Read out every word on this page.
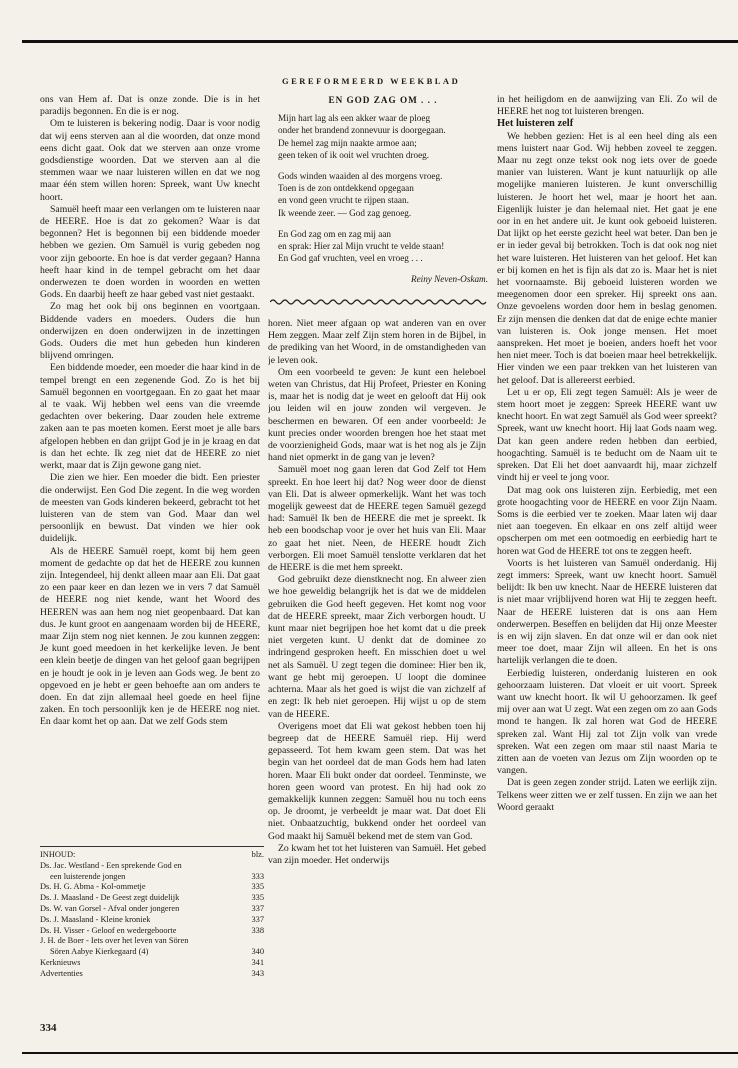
GEREFORMEERD WEEKBLAD

ons van Hem af. Dat is onze zonde. Die is in het paradijs begonnen. En die is er nog.

Om te luisteren is bekering nodig. Daar is voor nodig dat wij eens sterven aan al die woorden, dat onze mond eens dicht gaat. Ook dat we sterven aan onze vrome godsdienstige woorden. Dat we sterven aan al die stemmen waar we naar luisteren willen en dat we nog maar één stem willen horen: Spreek, want Uw knecht hoort.

Samuël heeft maar een verlangen om te luisteren naar de HEERE. Hoe is dat zo gekomen? Waar is dat begonnen? Het is begonnen bij een biddende moeder hebben we gezien. Om Samuël is vurig gebeden nog voor zijn geboorte. En hoe is dat verder gegaan? Hanna heeft haar kind in de tempel gebracht om het daar onderwezen te doen worden in woorden en wetten Gods. En daarbij heeft ze haar gebed vast niet gestaakt.

Zo mag het ook bij ons beginnen en voortgaan. Biddende vaders en moeders. Ouders die hun onderwijzen en doen onderwijzen in de inzettingen Gods. Ouders die met hun gebeden hun kinderen blijvend omringen.

Een biddende moeder, een moeder die haar kind in de tempel brengt en een zegenende God. Zo is het bij Samuël begonnen en voortgegaan. En zo gaat het maar al te vaak. Wij hebben wel eens van die vreemde gedachten over bekering. Daar zouden hele extreme zaken aan te pas moeten komen. Eerst moet je alle bars afgelopen hebben en dan grijpt God je in je kraag en dat is dan het echte. Ik zeg niet dat de HEERE zo niet werkt, maar dat is Zijn gewone gang niet.

Die zien we hier. Een moeder die bidt. Een priester die onderwijst. Een God Die zegent. In die weg worden de meesten van Gods kinderen bekeerd, gebracht tot het luisteren van de stem van God. Maar dan wel persoonlijk en bewust. Dat vinden we hier ook duidelijk.

Als de HEERE Samuël roept, komt bij hem geen moment de gedachte op dat het de HEERE zou kunnen zijn. Integendeel, hij denkt alleen maar aan Eli. Dat gaat zo een paar keer en dan lezen we in vers 7 dat Samuël de HEERE nog niet kende, want het Woord des HEEREN was aan hem nog niet geopenbaard. Dat kan dus. Je kunt groot en aangenaam worden bij de HEERE, maar Zijn stem nog niet kennen. Je zou kunnen zeggen: Je kunt goed meedoen in het kerkelijke leven. Je bent een klein beetje de dingen van het geloof gaan begrijpen en je houdt je ook in je leven aan Gods weg. Je bent zo opgevoed en je hebt er geen behoefte aan om anders te doen. En dat zijn allemaal heel goede en heel fijne zaken. En toch persoonlijk ken je de HEERE nog niet. En daar komt het op aan. Dat we zelf Gods stem

EN GOD ZAG OM . . .
Mijn hart lag als een akker waar de ploeg
onder het brandend zonnevuur is doorgegaan.
De hemel zag mijn naakte armoe aan;
geen teken of ik ooit wel vruchten droeg.
Gods winden waaiden al des morgens vroeg.
Toen is de zon ontdekkend opgegaan
en vond geen vrucht te rijpen staan.
Ik weende zeer. — God zag genoeg.
En God zag om en zag mij aan
en sprak: Hier zal Mijn vrucht te velde staan!
En God gaf vruchten, veel en vroeg . . .
Reiny Neven-Oskam.

horen. Niet meer afgaan op wat anderen van en over Hem zeggen. Maar zelf Zijn stem horen in de Bijbel, in de prediking van het Woord, in de omstandigheden van je leven ook.

Om een voorbeeld te geven: Je kunt een heleboel weten van Christus, dat Hij Profeet, Priester en Koning is, maar het is nodig dat je weet en gelooft dat Hij ook jou leiden wil en jouw zonden wil vergeven. Je beschermen en bewaren. Of een ander voorbeeld: Je kunt precies onder woorden brengen hoe het staat met de voorzienigheid Gods, maar wat is het nog als je Zijn hand niet opmerkt in de gang van je leven?

Samuël moet nog gaan leren dat God Zelf tot Hem spreekt. En hoe leert hij dat? Nog weer door de dienst van Eli. Dat is alweer opmerkelijk. Want het was toch mogelijk geweest dat de HEERE tegen Samuël gezegd had: Samuël Ik ben de HEERE die met je spreekt. Ik heb een boodschap voor je over het huis van Eli. Maar zo gaat het niet. Neen, de HEERE houdt Zich verborgen. Eli moet Samuël tenslotte verklaren dat het de HEERE is die met hem spreekt.

God gebruikt deze dienstknecht nog. En alweer zien we hoe geweldig belangrijk het is dat we de middelen gebruiken die God heeft gegeven. Het komt nog voor dat de HEERE spreekt, maar Zich verborgen houdt. U kunt maar niet begrijpen hoe het komt dat u die preek niet vergeten kunt. U denkt dat de dominee zo indringend gesproken heeft. En misschien doet u wel net als Samuël. U zegt tegen die dominee: Hier ben ik, want ge hebt mij geroepen. U loopt die dominee achterna. Maar als het goed is wijst die van zichzelf af en zegt: Ik heb niet geroepen. Hij wijst u op de stem van de HEERE.

Overigens moet dat Eli wat gekost hebben toen hij begreep dat de HEERE Samuël riep. Hij werd gepasseerd. Tot hem kwam geen stem. Dat was het begin van het oordeel dat de man Gods hem had laten horen. Maar Eli bukt onder dat oordeel. Tenminste, we horen geen woord van protest. En hij had ook zo gemakkelijk kunnen zeggen: Samuël hou nu toch eens op. Je droomt, je verbeeldt je maar wat. Dat doet Eli niet. Onbaatzuchtig, bukkend onder het oordeel van God maakt hij Samuël bekend met de stem van God.

Zo kwam het tot het luisteren van Samuël. Het gebed van zijn moeder. Het onderwijs

in het heiligdom en de aanwijzing van Eli. Zo wil de HEERE het nog tot luisteren brengen.

Het luisteren zelf

We hebben gezien: Het is al een heel ding als een mens luistert naar God. Wij hebben zoveel te zeggen. Maar nu zegt onze tekst ook nog iets over de goede manier van luisteren. Want je kunt natuurlijk op alle mogelijke manieren luisteren. Je kunt onverschillig luisteren. Je hoort het wel, maar je hoort het aan. Eigenlijk luister je dan helemaal niet. Het gaat je ene oor in en het andere uit. Je kunt ook geboeid luisteren. Dat lijkt op het eerste gezicht heel wat beter. Dan ben je er in ieder geval bij betrokken. Toch is dat ook nog niet het ware luisteren. Het luisteren van het geloof. Het kan er bij komen en het is fijn als dat zo is. Maar het is niet het voornaamste. Bij geboeid luisteren worden we meegenomen door een spreker. Hij spreekt ons aan. Onze gevoelens worden door hem in beslag genomen. Er zijn mensen die denken dat dat de enige echte manier van luisteren is. Ook jonge mensen. Het moet aanspreken. Het moet je boeien, anders hoeft het voor hen niet meer. Toch is dat boeien maar heel betrekkelijk. Hier vinden we een paar trekken van het luisteren van het geloof. Dat is allereerst eerbied.

Let u er op, Eli zegt tegen Samuël: Als je weer de stem hoort moet je zeggen: Spreek HEERE want uw knecht hoort. En wat zegt Samuël als God weer spreekt? Spreek, want uw knecht hoort. Hij laat Gods naam weg. Dat kan geen andere reden hebben dan eerbied, hoogachting. Samuël is te beducht om de Naam uit te spreken. Dat Eli het doet aanvaardt hij, maar zichzelf vindt hij er veel te jong voor.

Dat mag ook ons luisteren zijn. Eerbiedig, met een grote hoogachting voor de HEERE en voor Zijn Naam. Soms is die eerbied ver te zoeken. Maar laten wij daar niet aan toegeven. En elkaar en ons zelf altijd weer opscherpen om met een ootmoedig en eerbiedig hart te horen wat God de HEERE tot ons te zeggen heeft.

Voorts is het luisteren van Samuël onderdanig. Hij zegt immers: Spreek, want uw knecht hoort. Samuël belijdt: Ik ben uw knecht. Naar de HEERE luisteren dat is niet maar vrijblijvend horen wat Hij te zeggen heeft. Naar de HEERE luisteren dat is ons aan Hem onderwerpen. Beseffen en belijden dat Hij onze Meester is en wij zijn slaven. En dat onze wil er dan ook niet meer toe doet, maar Zijn wil alleen. En het is ons hartelijk verlangen die te doen.

Eerbiedig luisteren, onderdanig luisteren en ook gehoorzaam luisteren. Dat vloeit er uit voort. Spreek want uw knecht hoort. Ik wil U gehoorzamen. Ik geef mij over aan wat U zegt. Wat een zegen om zo aan Gods mond te hangen. Ik zal horen wat God de HEERE spreken zal. Want Hij zal tot Zijn volk van vrede spreken. Wat een zegen om maar stil naast Maria te zitten aan de voeten van Jezus om Zijn woorden op te vangen.

Dat is geen zegen zonder strijd. Laten we eerlijk zijn. Telkens weer zitten we er zelf tussen. En zijn we aan het Woord geraakt

INHOUD:	blz.
Ds. Jac. Westland - Een sprekende God en
een luisterende jongen	333
Ds. H. G. Abma - Kol-ommetje	335
Ds. J. Maasland - De Geest zegt duidelijk	335
Ds. W. van Gorsel - Afval onder jongeren	337
Ds. J. Maasland - Kleine kroniek	337
Ds. H. Visser - Geloof en wedergeboorte	338
J. H. de Boer - Iets over het leven van Sören
Sören Aabye Kierkegaard (4)	340
Kerknieuws	341
Advertenties	343
334
